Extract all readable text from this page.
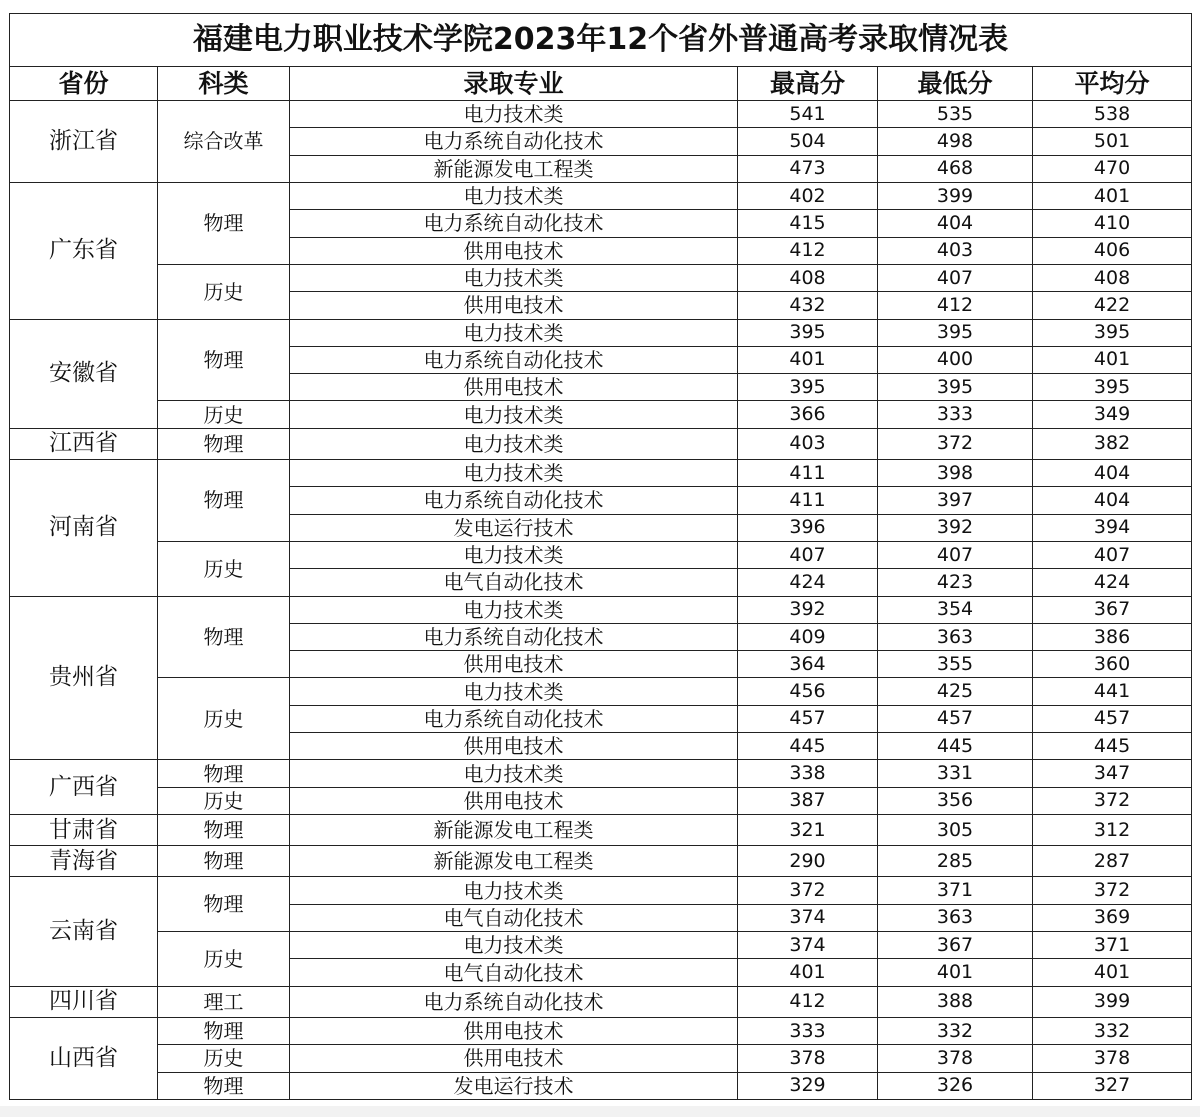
福建电力职业技术学院2023年12个省外普通高考录取情况表					
省份	科类	录取专业	最高分	最低分	平均分
浙江省	综合改革	电力技术类	541	535	538
		电力系统自动化技术	504	498	501
		新能源发电工程类	473	468	470
广东省	物理	电力技术类	402	399	401
		电力系统自动化技术	415	404	410
		供用电技术	412	403	406
	历史	电力技术类	408	407	408
		供用电技术	432	412	422
安徽省	物理	电力技术类	395	395	395
		电力系统自动化技术	401	400	401
		供用电技术	395	395	395
	历史	电力技术类	366	333	349
江西省	物理	电力技术类	403	372	382
河南省	物理	电力技术类	411	398	404
		电力系统自动化技术	411	397	404
		发电运行技术	396	392	394
	历史	电力技术类	407	407	407
		电气自动化技术	424	423	424
贵州省	物理	电力技术类	392	354	367
		电力系统自动化技术	409	363	386
		供用电技术	364	355	360
	历史	电力技术类	456	425	441
		电力系统自动化技术	457	457	457
		供用电技术	445	445	445
广西省	物理	电力技术类	338	331	347
	历史	供用电技术	387	356	372
甘肃省	物理	新能源发电工程类	321	305	312
青海省	物理	新能源发电工程类	290	285	287
云南省	物理	电力技术类	372	371	372
		电气自动化技术	374	363	369
	历史	电力技术类	374	367	371
		电气自动化技术	401	401	401
四川省	理工	电力系统自动化技术	412	388	399
山西省	物理	供用电技术	333	332	332
	历史	供用电技术	378	378	378
	物理	发电运行技术	329	326	327
